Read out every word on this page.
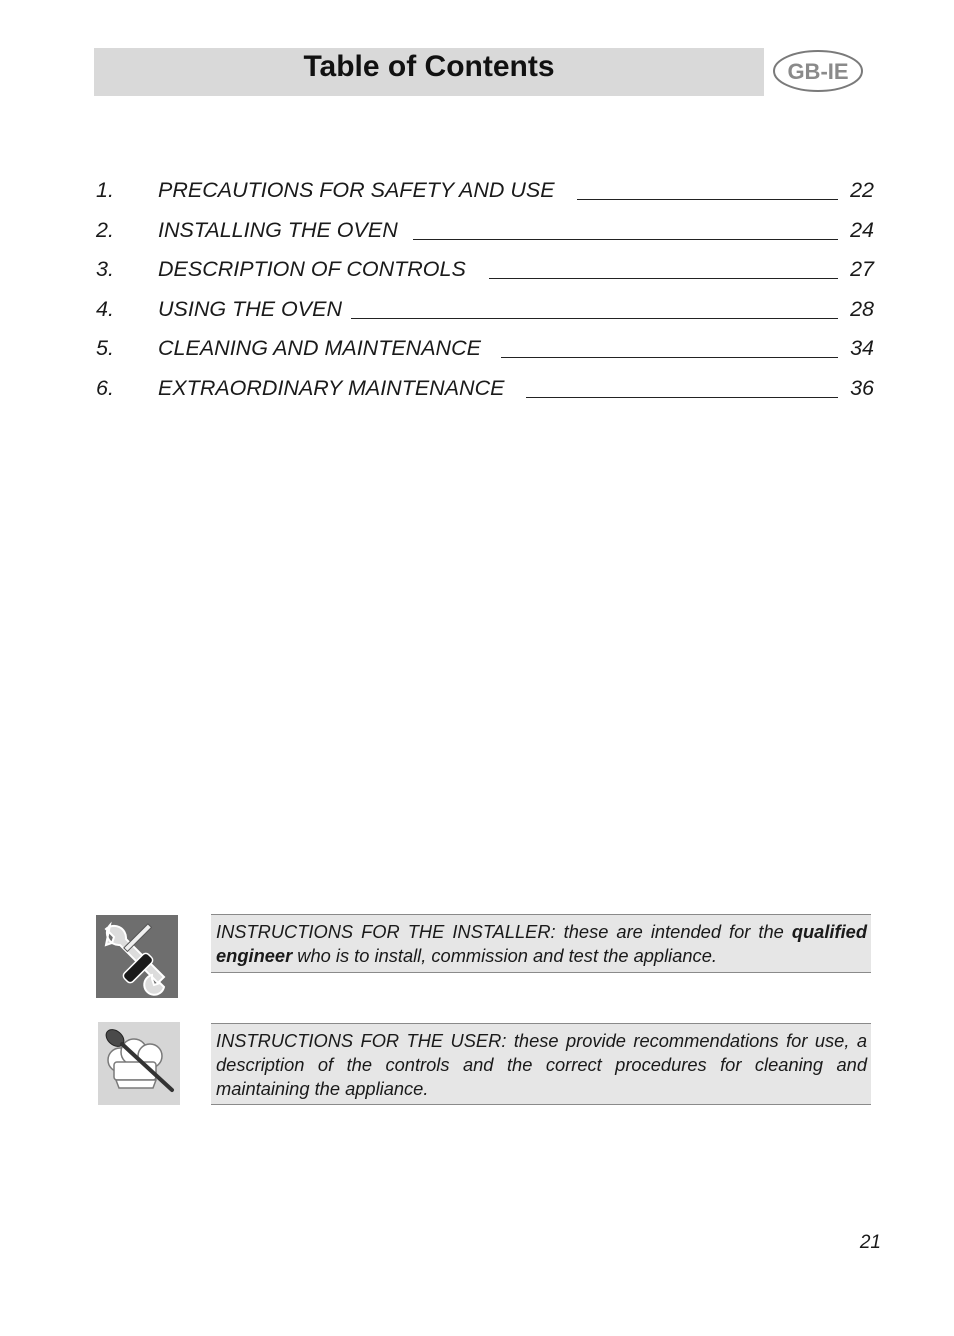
Table of Contents	GB-IE
1. PRECAUTIONS FOR SAFETY AND USE	22
2. INSTALLING THE OVEN	24
3. DESCRIPTION OF CONTROLS	27
4. USING THE OVEN	28
5. CLEANING AND MAINTENANCE	34
6. EXTRAORDINARY MAINTENANCE	36
INSTRUCTIONS FOR THE INSTALLER: these are intended for the qualified engineer who is to install, commission and test the appliance.
INSTRUCTIONS FOR THE USER: these provide recommendations for use, a description of the controls and the correct procedures for cleaning and maintaining the appliance.
21
